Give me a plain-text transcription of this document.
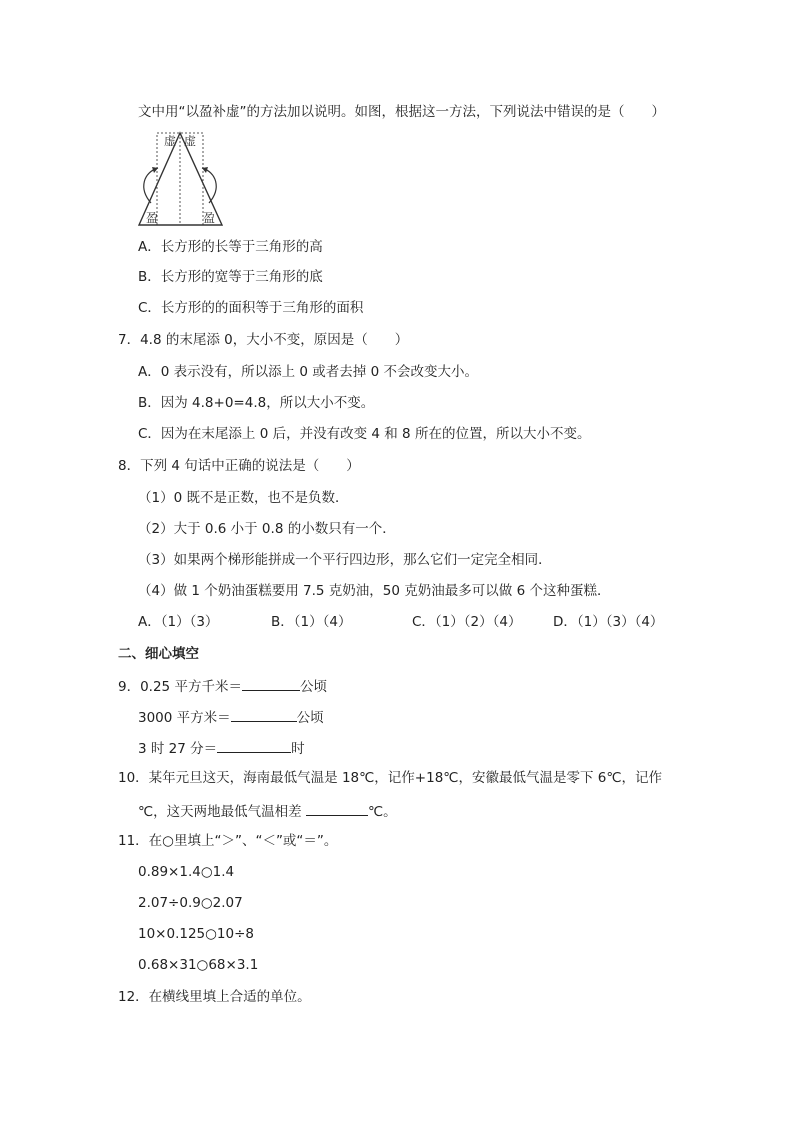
文中用“以盈补虚”的方法加以说明。如图，根据这一方法，下列说法中错误的是（　　）
虚 虚
盈	盈
A．长方形的长等于三角形的高
B．长方形的宽等于三角形的底
C．长方形的的面积等于三角形的面积
7．4.8 的末尾添 0，大小不变，原因是（　　）
A．0 表示没有，所以添上 0 或者去掉 0 不会改变大小。
B．因为 4.8+0=4.8，所以大小不变。
C．因为在末尾添上 0 后，并没有改变 4 和 8 所在的位置，所以大小不变。
8．下列 4 句话中正确的说法是（　　）
（1）0 既不是正数，也不是负数．
（2）大于 0.6 小于 0.8 的小数只有一个．
（3）如果两个梯形能拼成一个平行四边形，那么它们一定完全相同．
（4）做 1 个奶油蛋糕要用 7.5 克奶油，50 克奶油最多可以做 6 个这种蛋糕．
A．（1）（3）	B．（1）（4）	C．（1）（2）（4） D．（1）（3）（4）
二、细心填空
9．0.25 平方千米＝	公顷
3000 平方米＝	公顷
3 时 27 分＝	时
10．某年元旦这天，海南最低气温是 18℃，记作+18℃，安徽最低气温是零下 6℃，记作
℃，这天两地最低气温相差	℃。
11．在○里填上“＞”、“＜”或“＝”。
0.89×1.4○1.4
2.07÷0.9○2.07
10×0.125○10÷8
0.68×31○68×3.1
12．在横线里填上合适的单位。
